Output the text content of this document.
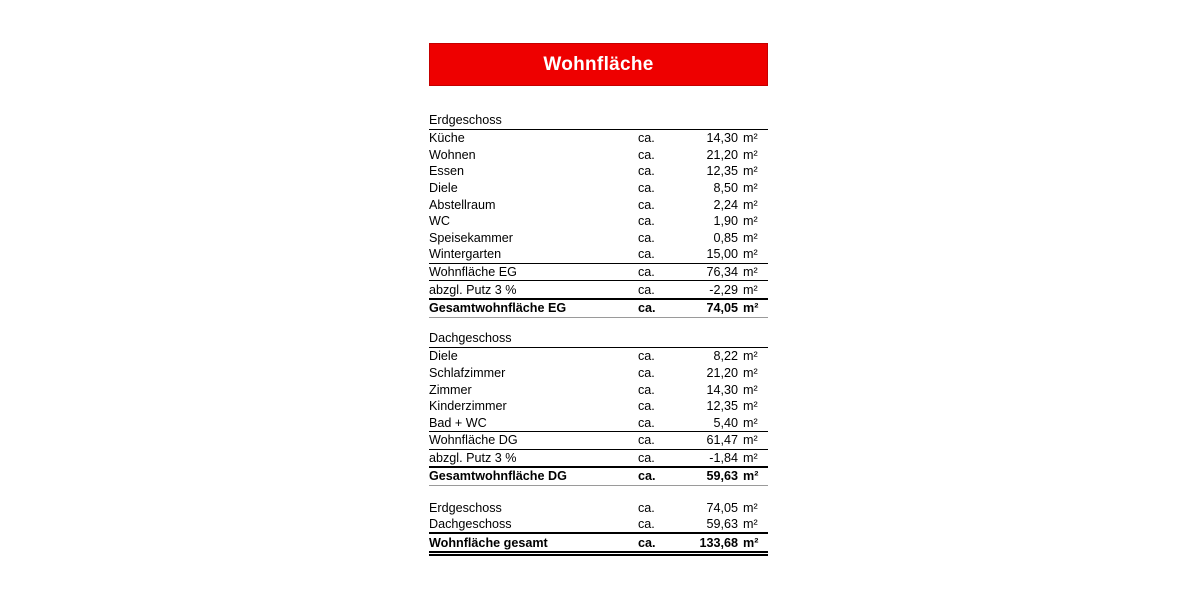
Wohnfläche
Erdgeschoss
Küche	ca.	14,30 m²
Wohnen	ca.	21,20 m²
Essen	ca.	12,35 m²
Diele	ca.	8,50 m²
Abstellraum	ca.	2,24 m²
WC	ca.	1,90 m²
Speisekammer	ca.	0,85 m²
Wintergarten	ca.	15,00 m²
Wohnfläche EG	ca.	76,34 m²
abzgl. Putz 3 %	ca.	-2,29 m²
Gesamtwohnfläche EG	ca.	74,05 m²
Dachgeschoss
Diele	ca.	8,22 m²
Schlafzimmer	ca.	21,20 m²
Zimmer	ca.	14,30 m²
Kinderzimmer	ca.	12,35 m²
Bad + WC	ca.	5,40 m²
Wohnfläche DG	ca.	61,47 m²
abzgl. Putz 3 %	ca.	-1,84 m²
Gesamtwohnfläche DG	ca.	59,63 m²
Erdgeschoss	ca.	74,05 m²
Dachgeschoss	ca.	59,63 m²
Wohnfläche gesamt	ca.	133,68 m²
